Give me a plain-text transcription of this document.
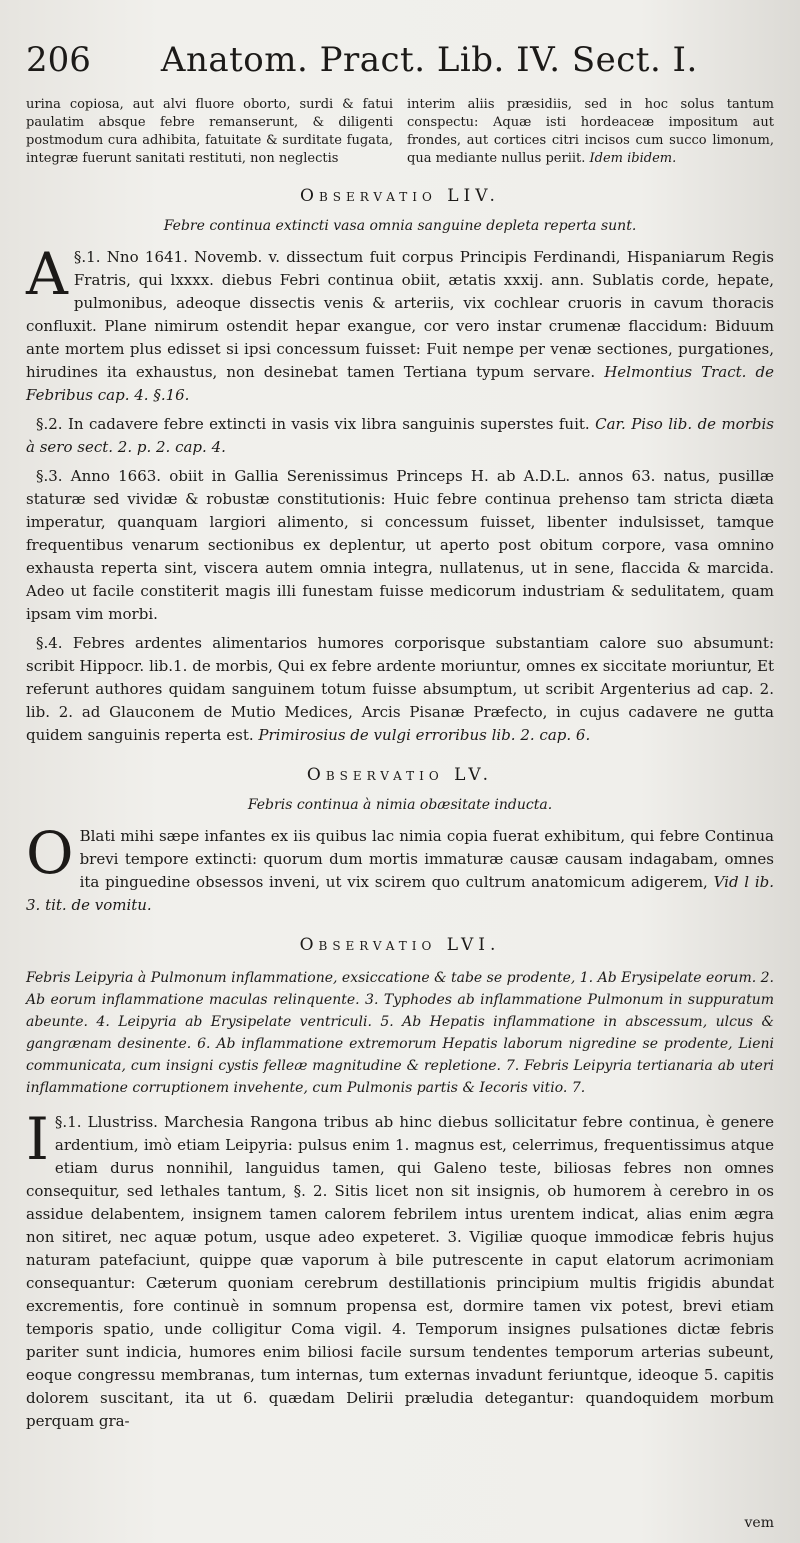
206 Anatom. Pract. Lib. IV. Sect. I.

urina copiosa, aut alvi fluore oborto, surdi & fatui paulatim absque febre remanserunt, & diligenti postmodum cura adhibita, fatuitate & surditate fugata, integræ fuerunt sanitati restituti, non neglectis

interim aliis præsidiis, sed in hoc solus tantum conspectu: Aquæ isti hordeaceæ impositum aut frondes, aut cortices citri incisos cum succo limonum, qua mediante nullus periit. Idem ibidem.

Observatio LIV.
Febre continua extincti vasa omnia sanguine depleta reperta sunt.

§.1.
A	Nno 1641. Novemb. v. dissectum fuit corpus Principis Ferdinandi, Hispaniarum Regis Fratris, qui lxxxx. diebus Febri continua obiit, ætatis xxxij. ann. Sublatis corde, hepate, pulmonibus, adeoque dissectis venis & arteriis, vix cochlear cruoris in cavum thoracis confluxit. Plane nimirum ostendit hepar exangue, cor vero instar crumenæ flaccidum: Biduum ante mortem plus edisset si ipsi concessum fuisset: Fuit nempe per venæ sectiones, purgationes, hirudines ita exhaustus, non desinebat tamen Tertiana typum servare. Helmontius Tract. de Febribus cap. 4. §.16.

§.2. In cadavere febre extincti in vasis vix libra sanguinis superstes fuit. Car. Piso lib. de morbis à sero sect. 2. p. 2. cap. 4.

§.3. Anno 1663. obiit in Gallia Serenissimus Princeps H. ab A.D.L. annos 63. natus, pusillæ staturæ sed vividæ & robustæ constitutionis: Huic febre continua prehenso tam stricta diæta imperatur, quanquam largiori alimento, si concessum fuisset, libenter indulsisset, tamque frequentibus venarum sectionibus ex deplentur, ut aperto post obitum corpore, vasa omnino exhausta reperta sint, viscera autem omnia integra, nullatenus, ut in sene, flaccida & marcida. Adeo ut facile constiterit magis illi funestam fuisse medicorum industriam & sedulitatem, quam ipsam vim morbi.

§.4. Febres ardentes alimentarios humores corporisque substantiam calore suo absumunt: scribit Hippocr. lib.1. de morbis, Qui ex febre ardente moriuntur, omnes ex siccitate moriuntur, Et referunt authores quidam sanguinem totum fuisse absumptum, ut scribit Argenterius ad cap. 2. lib. 2. ad Glauconem de Mutio Medices, Arcis Pisanæ Præfecto, in cujus cadavere ne gutta quidem sanguinis reperta est. Primirosius de vulgi erroribus lib. 2. cap. 6.

Observatio LV.
Febris continua à nimia obæsitate inducta.

O Blati mihi sæpe infantes ex iis quibus lac nimia copia fuerat exhibitum, qui febre Continua brevi tempore extincti: quorum dum mortis immaturæ causæ causam indagabam, omnes ita pinguedine obsessos inveni, ut vix scirem quo cultrum anatomicum adigerem, Vid l ib. 3. tit. de vomitu.

Observatio LVI.

Febris Leipyria à Pulmonum inflammatione, exsiccatione & tabe se prodente, 1. Ab Erysipelate eorum. 2. Ab eorum inflammatione maculas relinquente. 3. Typhodes ab inflammatione Pulmonum in suppuratum abeunte. 4. Leipyria ab Erysipelate ventriculi. 5. Ab Hepatis inflammatione in abscessum, ulcus & gangrænam desinente. 6. Ab inflammatione extremorum Hepatis laborum nigredine se prodente, Lieni communicata, cum insigni cystis felleæ magnitudine & repletione. 7. Febris Leipyria tertianaria ab uteri inflammatione corruptionem invehente, cum Pulmonis partis & Iecoris vitio. 7.

§.1.
I	Llustriss. Marchesia Rangona tribus ab hinc diebus sollicitatur febre continua, è genere ardentium, imò etiam Leipyria: pulsus enim 1. magnus est, celerrimus, frequentissimus atque etiam durus nonnihil, languidus tamen, qui Galeno teste, biliosas febres non omnes consequitur, sed lethales tantum, §. 2. Sitis licet non sit insignis, ob humorem à cerebro in os assidue delabentem, insignem tamen calorem febrilem intus urentem indicat, alias enim ægra non sitiret, nec aquæ potum, usque adeo expeteret. 3. Vigiliæ quoque immodicæ febris hujus naturam patefaciunt, quippe quæ vaporum à bile putrescente in caput elatorum acrimoniam consequantur: Cæterum quoniam cerebrum destillationis principium multis frigidis abundat excrementis, fore continuè in somnum propensa est, dormire tamen vix potest, brevi etiam temporis spatio, unde colligitur Coma vigil. 4. Temporum insignes pulsationes dictæ febris pariter sunt indicia, humores enim biliosi facile sursum tendentes temporum arterias subeunt, eoque congressu membranas, tum internas, tum externas invadunt feriuntque, ideoque 5. capitis dolorem suscitant, ita ut 6. quædam Delirii præludia detegantur: quandoquidem morbum perquam gra-

vem
